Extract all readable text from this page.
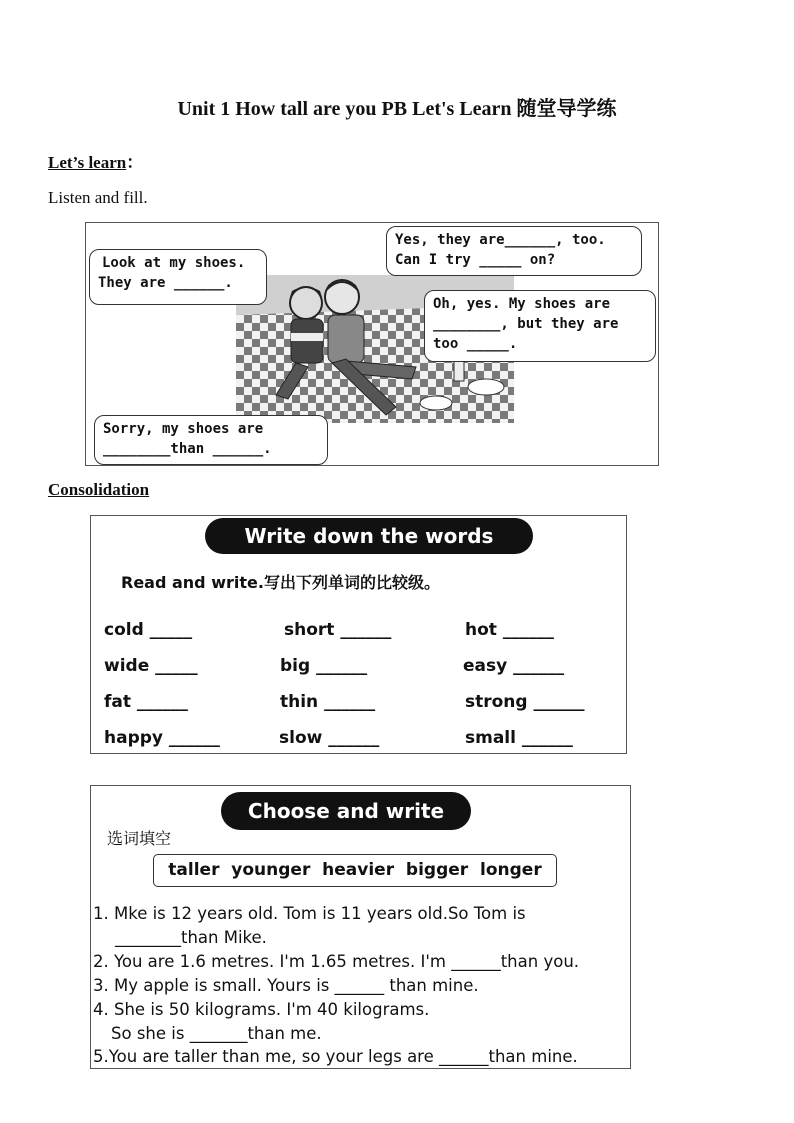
Unit 1 How tall are you PB Let's Learn 随堂导学练
Let’s learn：
Listen and fill.
Look at my shoes.
They are ______.
Yes, they are______, too.
Can I try _____ on?
Oh, yes. My shoes are
________, but they are
too _____.
Sorry, my shoes are
________than ______.
Consolidation
Write down the words
Read and write.写出下列单词的比较级。
cold _____	short ______	hot ______
wide _____	big ______	easy ______
fat ______	thin ______	strong ______
happy ______	slow ______	small ______
Choose and write
选词填空
taller  younger  heavier  bigger  longer
1. Mke is 12 years old. Tom is 11 years old.So Tom is
________than Mike.
2. You are 1.6 metres. I'm 1.65 metres. I'm ______than you.
3. My apple is small. Yours is ______ than mine.
4. She is 50 kilograms. I'm 40 kilograms.
So she is _______than me.
5.You are taller than me, so your legs are ______than mine.
